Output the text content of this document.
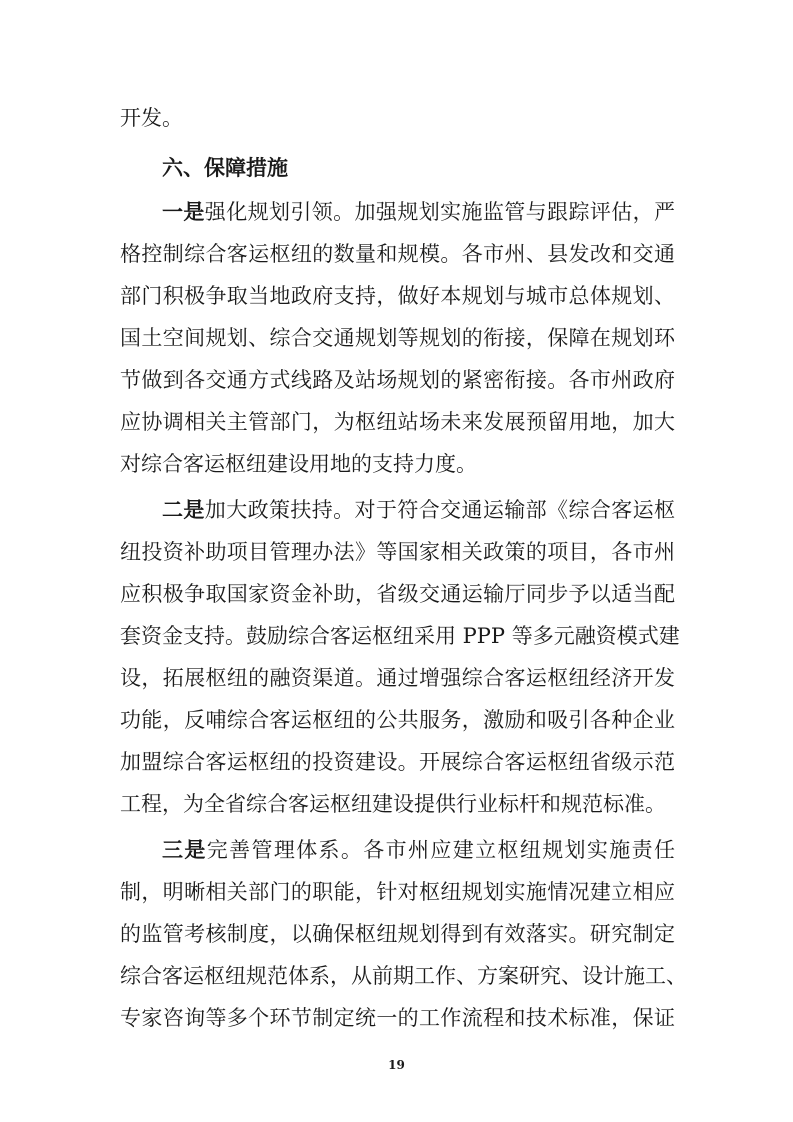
开发。
六、保障措施
一是强化规划引领。加强规划实施监管与跟踪评估，严
格控制综合客运枢纽的数量和规模。各市州、县发改和交通
部门积极争取当地政府支持，做好本规划与城市总体规划、
国土空间规划、综合交通规划等规划的衔接，保障在规划环
节做到各交通方式线路及站场规划的紧密衔接。各市州政府
应协调相关主管部门，为枢纽站场未来发展预留用地，加大
对综合客运枢纽建设用地的支持力度。
二是加大政策扶持。对于符合交通运输部《综合客运枢
纽投资补助项目管理办法》等国家相关政策的项目，各市州
应积极争取国家资金补助，省级交通运输厅同步予以适当配
套资金支持。鼓励综合客运枢纽采用 PPP 等多元融资模式建
设，拓展枢纽的融资渠道。通过增强综合客运枢纽经济开发
功能，反哺综合客运枢纽的公共服务，激励和吸引各种企业
加盟综合客运枢纽的投资建设。开展综合客运枢纽省级示范
工程，为全省综合客运枢纽建设提供行业标杆和规范标准。
三是完善管理体系。各市州应建立枢纽规划实施责任
制，明晰相关部门的职能，针对枢纽规划实施情况建立相应
的监管考核制度，以确保枢纽规划得到有效落实。研究制定
综合客运枢纽规范体系，从前期工作、方案研究、设计施工、
专家咨询等多个环节制定统一的工作流程和技术标准，保证
19
